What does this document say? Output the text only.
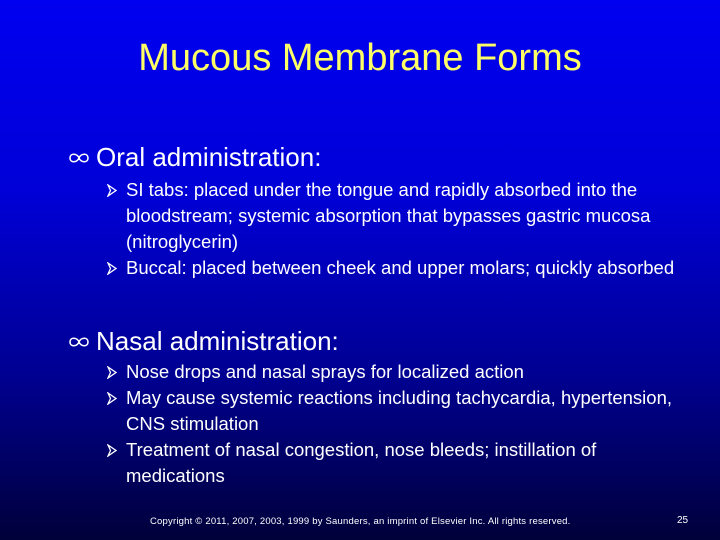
Mucous Membrane Forms
Oral administration:

SI tabs: placed under the tongue and rapidly absorbed into the bloodstream; systemic absorption that bypasses gastric mucosa (nitroglycerin)

Buccal: placed between cheek and upper molars; quickly absorbed

Nasal administration:

Nose drops and nasal sprays for localized action

May cause systemic reactions including tachycardia, hypertension, CNS stimulation

Treatment of nasal congestion, nose bleeds; instillation of medications

Copyright © 2011, 2007, 2003, 1999 by Saunders, an imprint of Elsevier Inc. All rights reserved.	25
